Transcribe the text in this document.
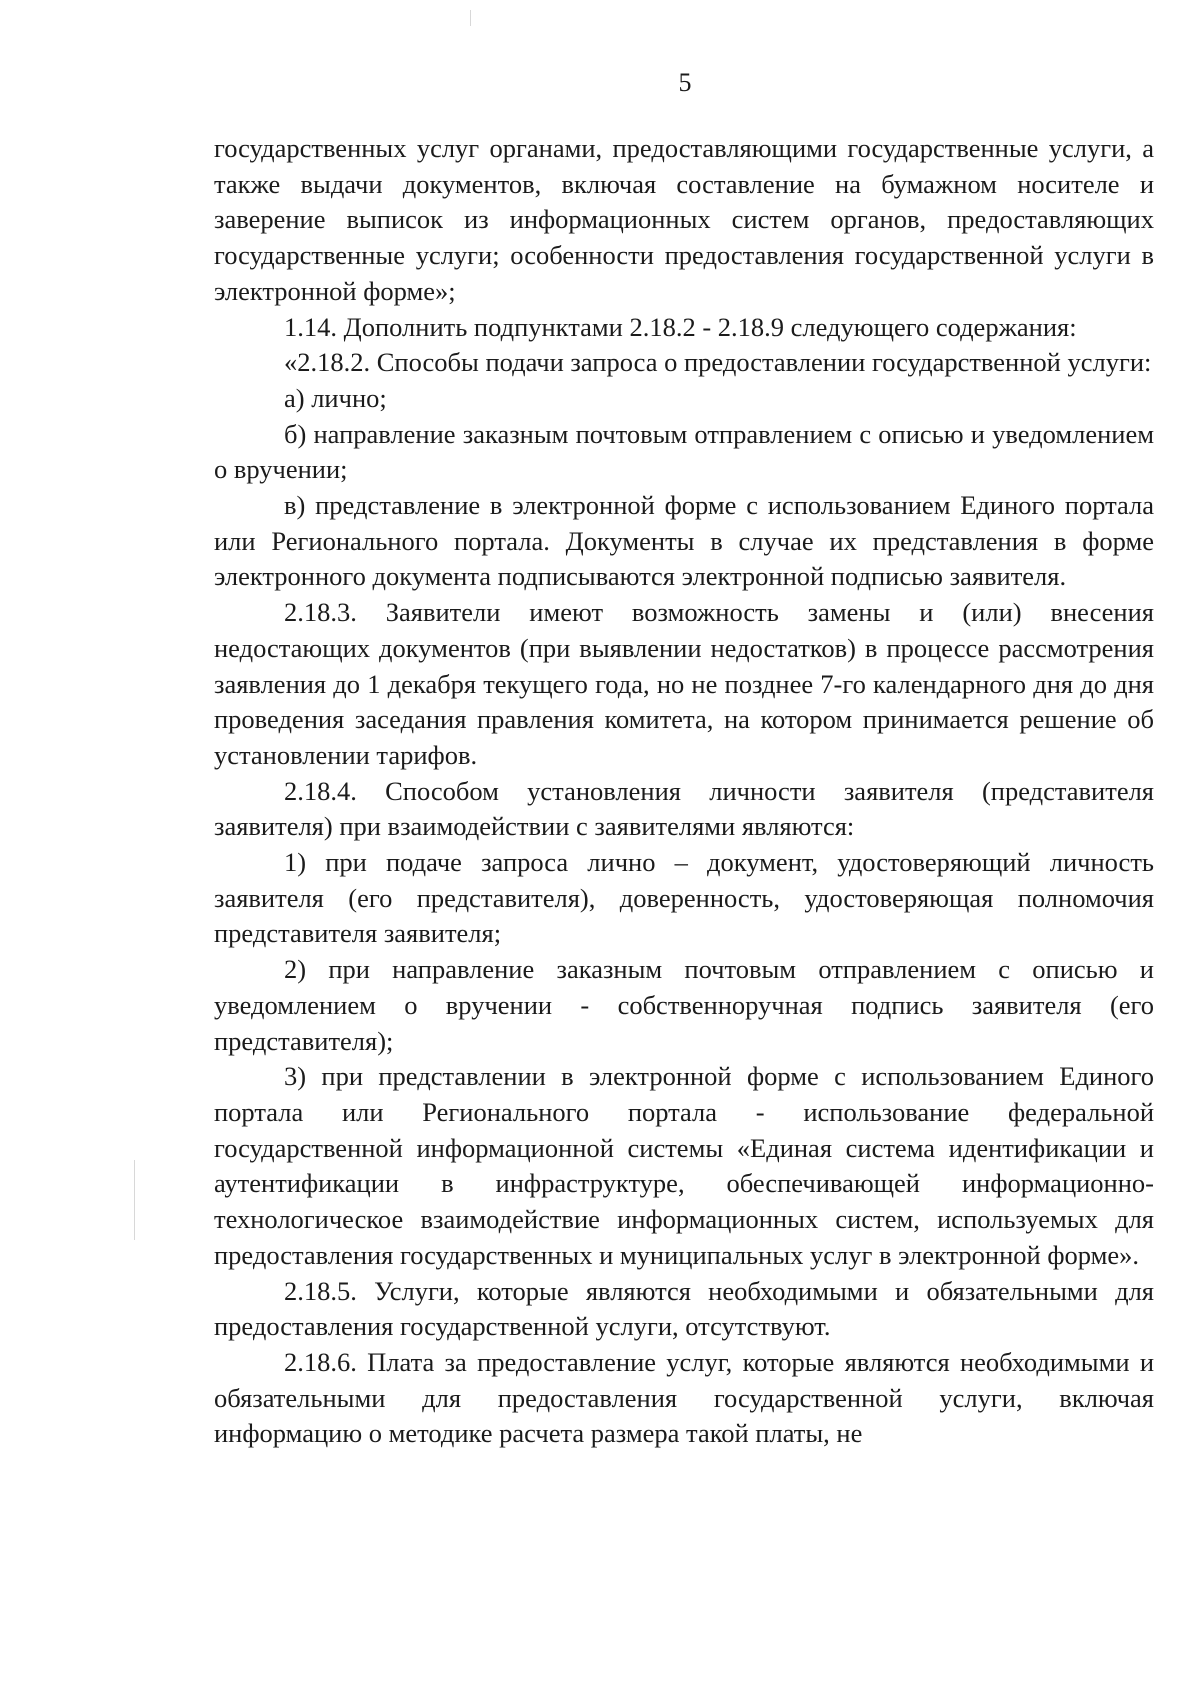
5

государственных услуг органами, предоставляющими государственные услуги, а также выдачи документов, включая составление на бумажном носителе и заверение выписок из информационных систем органов, предоставляющих государственные услуги; особенности предоставления государственной услуги в электронной форме»;

1.14. Дополнить подпунктами 2.18.2 - 2.18.9 следующего содержания:

«2.18.2. Способы подачи запроса о предоставлении государственной услуги:

а) лично;

б) направление заказным почтовым отправлением с описью и уведомлением о вручении;

в) представление в электронной форме с использованием Единого портала или Регионального портала. Документы в случае их представления в форме электронного документа подписываются электронной подписью заявителя.

2.18.3. Заявители имеют возможность замены и (или) внесения недостающих документов (при выявлении недостатков) в процессе рассмотрения заявления до 1 декабря текущего года, но не позднее 7-го календарного дня до дня проведения заседания правления комитета, на котором принимается решение об установлении тарифов.

2.18.4. Способом установления личности заявителя (представителя заявителя) при взаимодействии с заявителями являются:

1) при подаче запроса лично – документ, удостоверяющий личность заявителя (его представителя), доверенность, удостоверяющая полномочия представителя заявителя;

2) при направление заказным почтовым отправлением с описью и уведомлением о вручении - собственноручная подпись заявителя (его представителя);

3) при представлении в электронной форме с использованием Единого портала или Регионального портала - использование федеральной государственной информационной системы «Единая система идентификации и аутентификации в инфраструктуре, обеспечивающей информационно-технологическое взаимодействие информационных систем, используемых для предоставления государственных и муниципальных услуг в электронной форме».

2.18.5. Услуги, которые являются необходимыми и обязательными для предоставления государственной услуги, отсутствуют.

2.18.6. Плата за предоставление услуг, которые являются необходимыми и обязательными для предоставления государственной услуги, включая информацию о методике расчета размера такой платы, не
